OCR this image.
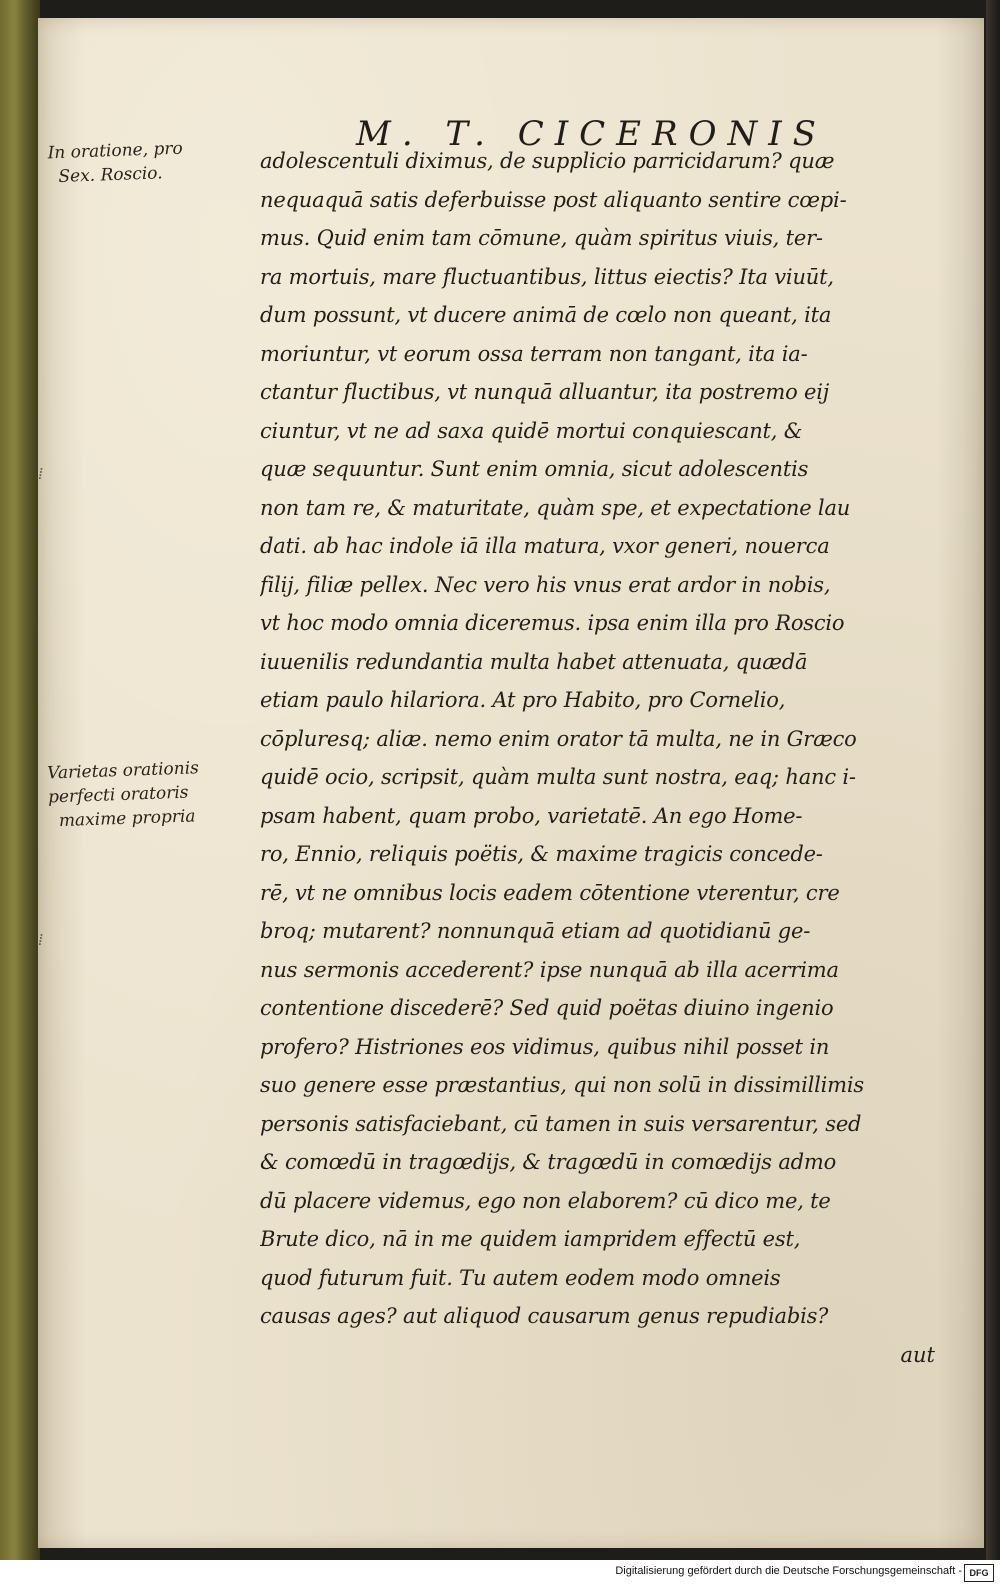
M. T. CICERONIS
In oratione, pro
Sex. Roscio.
Varietas orationis
perfecti oratoris
maxime propria
⁞
⁞
adolescentuli diximus, de supplicio parricidarum? quæ
nequaquā satis deferbuisse post aliquanto sentire cœpi-
mus. Quid enim tam cōmune, quàm spiritus viuis, ter-
ra mortuis, mare fluctuantibus, littus eiectis? Ita viuūt,
dum possunt, vt ducere animā de cœlo non queant, ita
moriuntur, vt eorum ossa terram non tangant, ita ia-
ctantur fluctibus, vt nunquā alluantur, ita postremo eij
ciuntur, vt ne ad saxa quidē mortui conquiescant, &
quæ sequuntur. Sunt enim omnia, sicut adolescentis
non tam re, & maturitate, quàm spe, et expectatione lau
dati. ab hac indole iā illa matura, vxor generi, nouerca
filij, filiæ pellex. Nec vero his vnus erat ardor in nobis,
vt hoc modo omnia diceremus. ipsa enim illa pro Roscio
iuuenilis redundantia multa habet attenuata, quædā
etiam paulo hilariora. At pro Habito, pro Cornelio,
cōpluresq; aliæ. nemo enim orator tā multa, ne in Græco
quidē ocio, scripsit, quàm multa sunt nostra, eaq; hanc i-
psam habent, quam probo, varietatē. An ego Home-
ro, Ennio, reliquis poëtis, & maxime tragicis concede-
rē, vt ne omnibus locis eadem cōtentione vterentur, cre
broq; mutarent? nonnunquā etiam ad quotidianū ge-
nus sermonis accederent? ipse nunquā ab illa acerrima
contentione discederē? Sed quid poëtas diuino ingenio
profero? Histriones eos vidimus, quibus nihil posset in
suo genere esse præstantius, qui non solū in dissimillimis
personis satisfaciebant, cū tamen in suis versarentur, sed
& comœdū in tragœdijs, & tragœdū in comœdijs admo
dū placere videmus, ego non elaborem? cū dico me, te
Brute dico, nā in me quidem iampridem effectū est,
quod futurum fuit. Tu autem eodem modo omneis
causas ages? aut aliquod causarum genus repudiabis?
aut
Digitalisierung gefördert durch die Deutsche Forschungsgemeinschaft - DFG
